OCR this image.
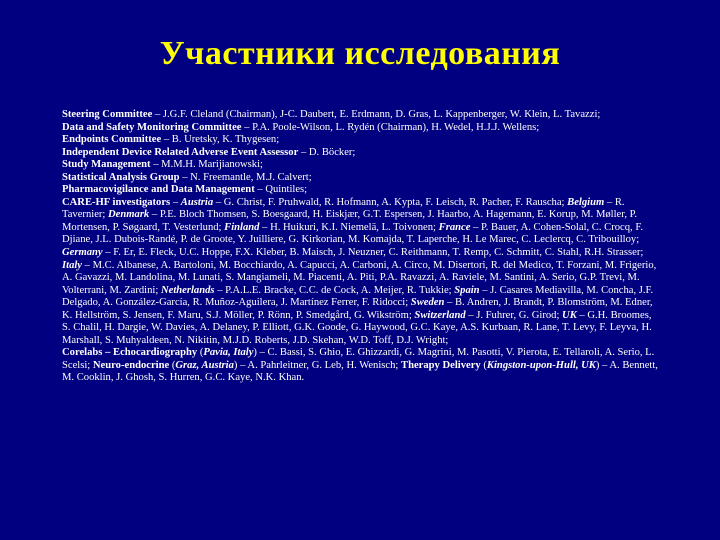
Участники исследования

Steering Committee – J.G.F. Cleland (Chairman), J-C. Daubert, E. Erdmann, D. Gras, L. Kappenberger, W. Klein, L. Tavazzi;

Data and Safety Monitoring Committee – P.A. Poole-Wilson, L. Rydén (Chairman), H. Wedel, H.J.J. Wellens;

Endpoints Committee – B. Uretsky, K. Thygesen;

Independent Device Related Adverse Event Assessor – D. Böcker;

Study Management – M.M.H. Marijianowski;

Statistical Analysis Group – N. Freemantle, M.J. Calvert;

Pharmacovigilance and Data Management – Quintiles;

CARE-HF investigators – Austria – G. Christ, F. Pruhwald, R. Hofmann, A. Kypta, F. Leisch, R. Pacher, F. Rauscha; Belgium – R. Tavernier; Denmark – P.E. Bloch Thomsen, S. Boesgaard, H. Eiskjær, G.T. Espersen, J. Haarbo, A. Hagemann, E. Korup, M. Møller, P. Mortensen, P. Søgaard, T. Vesterlund; Finland – H. Huikuri, K.I. Niemelä, L. Toivonen; France – P. Bauer, A. Cohen-Solal, C. Crocq, F. Djiane, J.L. Dubois-Randé, P. de Groote, Y. Juilliere, G. Kirkorian, M. Komajda, T. Laperche, H. Le Marec, C. Leclercq, C. Tribouilloy; Germany – F. Er, E. Fleck, U.C. Hoppe, F.X. Kleber, B. Maisch, J. Neuzner, C. Reithmann, T. Remp, C. Schmitt, C. Stahl, R.H. Strasser; Italy – M.C. Albanese, A. Bartoloni, M. Bocchiardo, A. Capucci, A. Carboni, A. Circo, M. Disertori, R. del Medico, T. Forzani, M. Frigerio, A. Gavazzi, M. Landolina, M. Lunati, S. Mangiameli, M. Piacenti, A. Piti, P.A. Ravazzi, A. Raviele, M. Santini, A. Serio, G.P. Trevi, M. Volterrani, M. Zardini; Netherlands – P.A.L.E. Bracke, C.C. de Cock, A. Meijer, R. Tukkie; Spain – J. Casares Mediavilla, M. Concha, J.F. Delgado, A. González-García, R. Muñoz-Aguilera, J. Martínez Ferrer, F. Ridocci; Sweden – B. Andren, J. Brandt, P. Blomström, M. Edner, K. Hellström, S. Jensen, F. Maru, S.J. Möller, P. Rönn, P. Smedgård, G. Wikström; Switzerland – J. Fuhrer, G. Girod; UK – G.H. Broomes, S. Chalil, H. Dargie, W. Davies, A. Delaney, P. Elliott, G.K. Goode, G. Haywood, G.C. Kaye, A.S. Kurbaan, R. Lane, T. Levy, F. Leyva, H. Marshall, S. Muhyaldeen, N. Nikitin, M.J.D. Roberts, J.D. Skehan, W.D. Toff, D.J. Wright;

Corelabs – Echocardiography (Pavia, Italy) – C. Bassi, S. Ghio, E. Ghizzardi, G. Magrini, M. Pasotti, V. Pierota, E. Tellaroli, A. Serio, L. Scelsi; Neuro-endocrine (Graz, Austria) – A. Pahrleitner, G. Leb, H. Wenisch; Therapy Delivery (Kingston-upon-Hull, UK) – A. Bennett, M. Cooklin, J. Ghosh, S. Hurren, G.C. Kaye, N.K. Khan.
